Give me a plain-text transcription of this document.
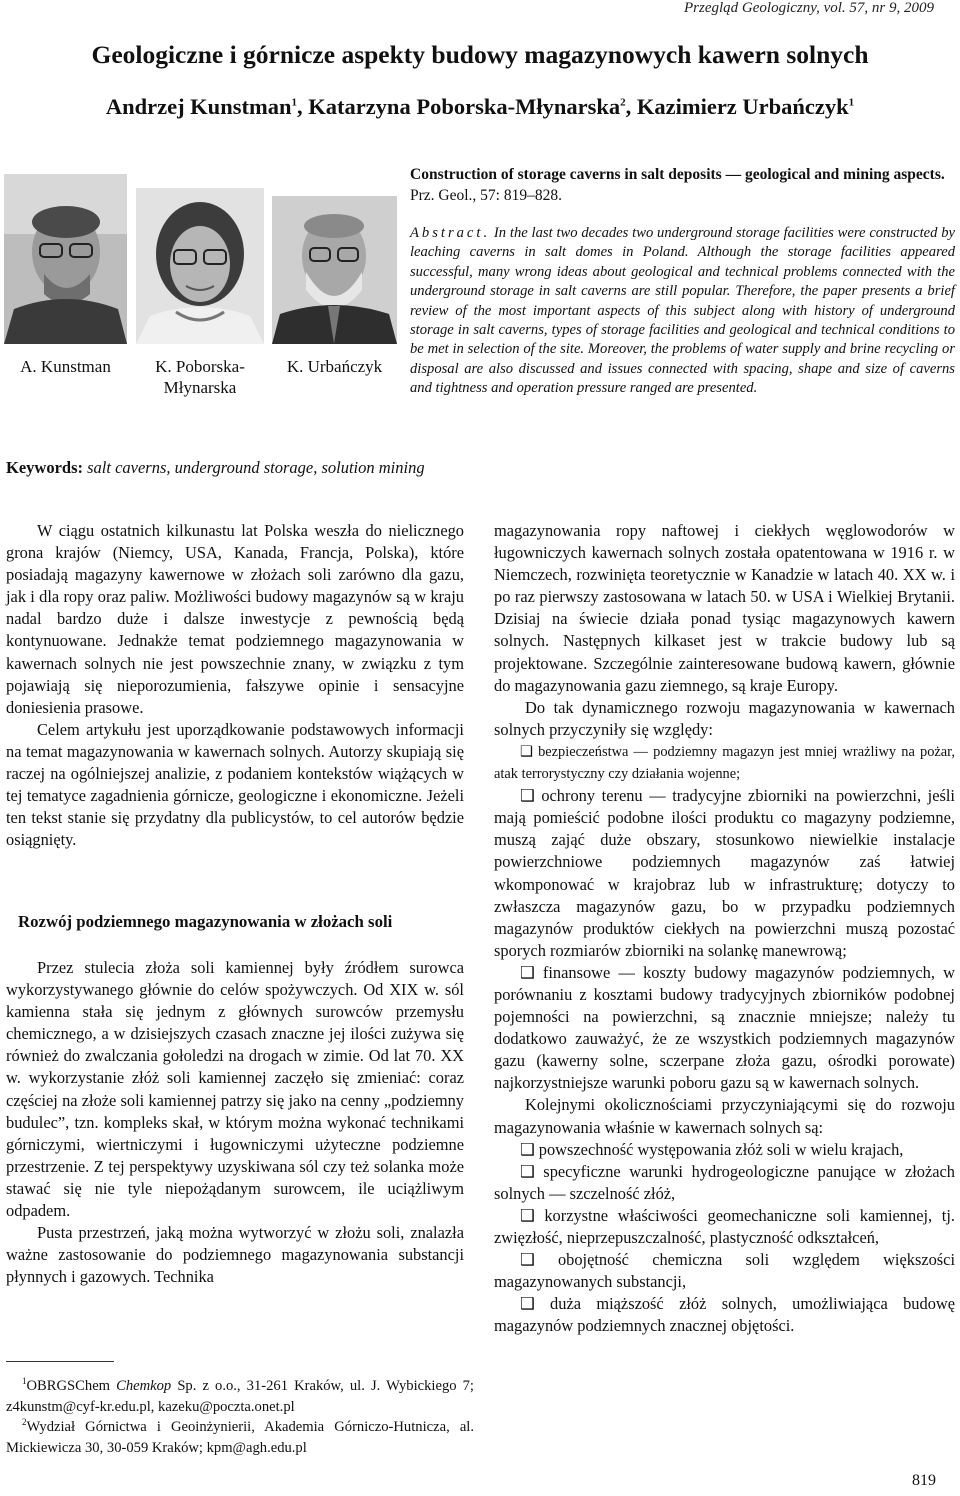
Przegląd Geologiczny, vol. 57, nr 9, 2009
Geologiczne i górnicze aspekty budowy magazynowych kawern solnych
Andrzej Kunstman$^1$, Katarzyna Poborska-Młynarska$^2$, Kazimierz Urbańczyk$^1$
A. Kunstman	K. Poborska-Młynarska
K. Urbańczyk
Construction of storage caverns in salt deposits — geological and mining aspects. Prz. Geol., 57: 819–828.
Abstract. In the last two decades two underground storage facilities were constructed by leaching caverns in salt domes in Poland. Although the storage facilities appeared successful, many wrong ideas about geological and technical problems connected with the underground storage in salt caverns are still popular. Therefore, the paper presents a brief review of the most important aspects of this subject along with history of underground storage in salt caverns, types of storage facilities and geological and technical conditions to be met in selection of the site. Moreover, the problems of water supply and brine recycling or disposal are also discussed and issues connected with spacing, shape and size of caverns and tightness and operation pressure ranged are presented.
Keywords: salt caverns, underground storage, solution mining

W ciągu ostatnich kilkunastu lat Polska weszła do nielicznego grona krajów (Niemcy, USA, Kanada, Francja, Polska), które posiadają magazyny kawernowe w złożach soli zarówno dla gazu, jak i dla ropy oraz paliw. Możliwości budowy magazynów są w kraju nadal bardzo duże i dalsze inwestycje z pewnością będą kontynuowane. Jednakże temat podziemnego magazynowania w kawernach solnych nie jest powszechnie znany, w związku z tym pojawiają się nieporozumienia, fałszywe opinie i sensacyjne doniesienia prasowe.

Celem artykułu jest uporządkowanie podstawowych informacji na temat magazynowania w kawernach solnych. Autorzy skupiają się raczej na ogólniejszej analizie, z podaniem kontekstów wiążących w tej tematyce zagadnienia górnicze, geologiczne i ekonomiczne. Jeżeli ten tekst stanie się przydatny dla publicystów, to cel autorów będzie osiągnięty.

Rozwój podziemnego magazynowania w złożach soli

Przez stulecia złoża soli kamiennej były źródłem surowca wykorzystywanego głównie do celów spożywczych. Od XIX w. sól kamienna stała się jednym z głównych surowców przemysłu chemicznego, a w dzisiejszych czasach znaczne jej ilości zużywa się również do zwalczania gołoledzi na drogach w zimie. Od lat 70. XX w. wykorzystanie złóż soli kamiennej zaczęło się zmieniać: coraz częściej na złoże soli kamiennej patrzy się jako na cenny „podziemny budulec”, tzn. kompleks skał, w którym można wykonać technikami górniczymi, wiertniczymi i ługowniczymi użyteczne podziemne przestrzenie. Z tej perspektywy uzyskiwana sól czy też solanka może stawać się nie tyle niepożądanym surowcem, ile uciążliwym odpadem.

Pusta przestrzeń, jaką można wytworzyć w złożu soli, znalazła ważne zastosowanie do podziemnego magazynowania substancji płynnych i gazowych. Technika

$^1$OBRGSChem Chemkop Sp. z o.o., 31-261 Kraków, ul. J. Wybickiego 7; z4kunstm@cyf-kr.edu.pl, kazeku@poczta.onet.pl
$^2$Wydział Górnictwa i Geoinżynierii, Akademia Górniczo-Hutnicza, al. Mickiewicza 30, 30-059 Kraków; kpm@agh.edu.pl

magazynowania ropy naftowej i ciekłych węglowodorów w ługowniczych kawernach solnych została opatentowana w 1916 r. w Niemczech, rozwinięta teoretycznie w Kanadzie w latach 40. XX w. i po raz pierwszy zastosowana w latach 50. w USA i Wielkiej Brytanii. Dzisiaj na świecie działa ponad tysiąc magazynowych kawern solnych. Następnych kilkaset jest w trakcie budowy lub są projektowane. Szczególnie zainteresowane budową kawern, głównie do magazynowania gazu ziemnego, są kraje Europy.

Do tak dynamicznego rozwoju magazynowania w kawernach solnych przyczyniły się względy:

❑ bezpieczeństwa — podziemny magazyn jest mniej wrażliwy na pożar, atak terrorystyczny czy działania wojenne;

❑ ochrony terenu — tradycyjne zbiorniki na powierzchni, jeśli mają pomieścić podobne ilości produktu co magazyny podziemne, muszą zająć duże obszary, stosunkowo niewielkie instalacje powierzchniowe podziemnych magazynów zaś łatwiej wkomponować w krajobraz lub w infrastrukturę; dotyczy to zwłaszcza magazynów gazu, bo w przypadku podziemnych magazynów produktów ciekłych na powierzchni muszą pozostać sporych rozmiarów zbiorniki na solankę manewrową;

❑ finansowe — koszty budowy magazynów podziemnych, w porównaniu z kosztami budowy tradycyjnych zbiorników podobnej pojemności na powierzchni, są znacznie mniejsze; należy tu dodatkowo zauważyć, że ze wszystkich podziemnych magazynów gazu (kawerny solne, sczerpane złoża gazu, ośrodki porowate) najkorzystniejsze warunki poboru gazu są w kawernach solnych.

Kolejnymi okolicznościami przyczyniającymi się do rozwoju magazynowania właśnie w kawernach solnych są:

❑ powszechność występowania złóż soli w wielu krajach,

❑ specyficzne warunki hydrogeologiczne panujące w złożach solnych — szczelność złóż,

❑ korzystne właściwości geomechaniczne soli kamiennej, tj. zwięzłość, nieprzepuszczalność, plastyczność odkształceń,

❑ obojętność chemiczna soli względem większości magazynowanych substancji,

❑ duża miąższość złóż solnych, umożliwiająca budowę magazynów podziemnych znacznej objętości.

819
